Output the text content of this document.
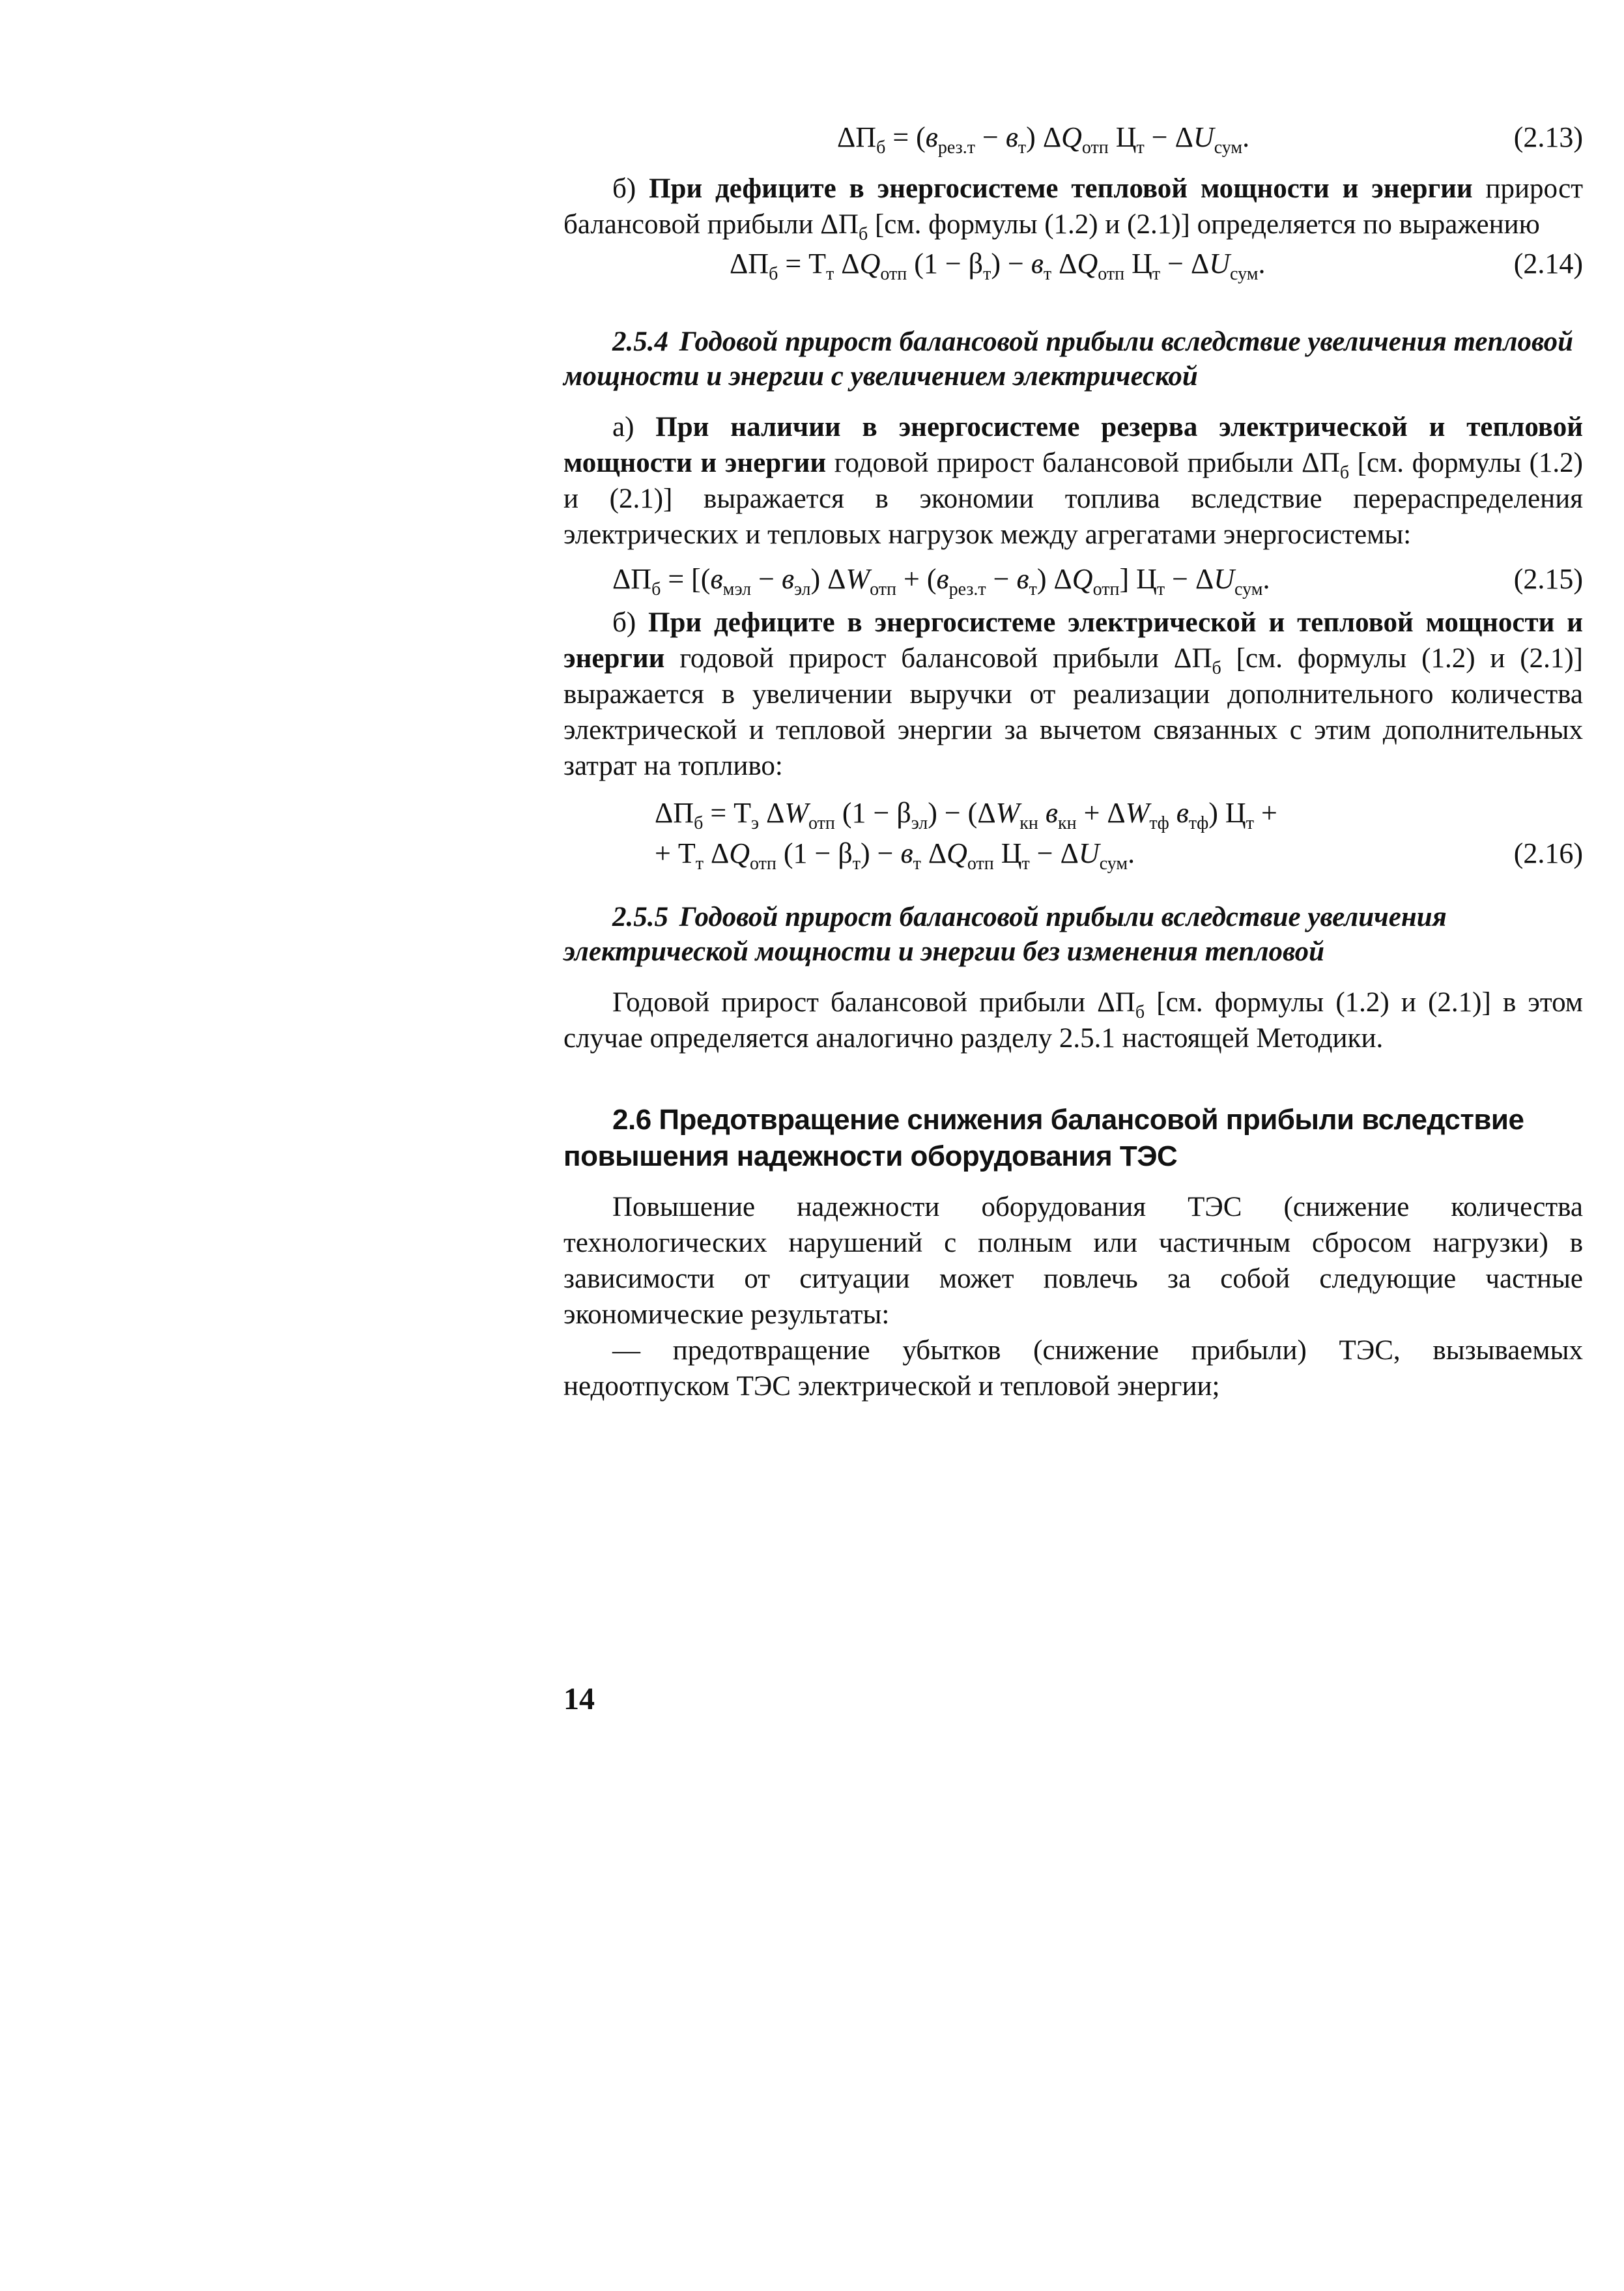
$\Delta П_б = (в_{рез.т} - в_т)$ $\Delta Q_{отп}$ $Ц_т - \Delta U_{сум}$.	(2.13)

б) При дефиците в энергосистеме тепловой мощности и энергии прирост балансовой прибыли $\Delta П_б$ [см. формулы (1.2) и (2.1)] определяется по выражению

$\Delta П_б = Т_т$ $\Delta Q_{отп}$ $(1 - \beta_т) - в_т$ $\Delta Q_{отп}$ $Ц_т - \Delta U_{сум}$.	(2.14)

2.5.4 Годовой прирост балансовой прибыли вследствие увеличения тепловой мощности и энергии с увеличением электрической

а) При наличии в энергосистеме резерва электрической и тепловой мощности и энергии годовой прирост балансовой прибыли $\Delta П_б$ [см. формулы (1.2) и (2.1)] выражается в экономии топлива вследствие перераспределения электрических и тепловых нагрузок между агрегатами энергосистемы:

$\Delta П_б = [(в_{мэл} - в_{эл}) \Delta W_{отп} + (в_{рез.т} - в_т)$ $\Delta Q_{отп}$] $Ц_т - \Delta U_{сум}$.	(2.15)

б) При дефиците в энергосистеме электрической и тепловой мощности и энергии годовой прирост балансовой прибыли $\Delta П_б$ [см. формулы (1.2) и (2.1)] выражается в увеличении выручки от реализации дополнительного количества электрической и тепловой энергии за вычетом связанных с этим дополнительных затрат на топливо:

$\Delta П_б = Т_э$ $\Delta W_{отп}$ $(1 - \beta_{эл}) - (\Delta W_{кн}$ $в_{кн} + \Delta W_{тф}$ $в_{тф}$) $Ц_т$ +
+ $Т_т$ $\Delta Q_{отп}$ $(1 - \beta_т) - в_т$ $\Delta Q_{отп}$ $Ц_т - \Delta U_{сум}$.	(2.16)

2.5.5 Годовой прирост балансовой прибыли вследствие увеличения электрической мощности и энергии без изменения тепловой

Годовой прирост балансовой прибыли $\Delta П_б$ [см. формулы (1.2) и (2.1)] в этом случае определяется аналогично разделу 2.5.1 настоящей Методики.

2.6 Предотвращение снижения балансовой прибыли вследствие повышения надежности оборудования ТЭС

Повышение надежности оборудования ТЭС (снижение количества технологических нарушений с полным или частичным сбросом нагрузки) в зависимости от ситуации может повлечь за собой следующие частные экономические результаты:

— предотвращение убытков (снижение прибыли) ТЭС, вызываемых недоотпуском ТЭС электрической и тепловой энергии;

14
